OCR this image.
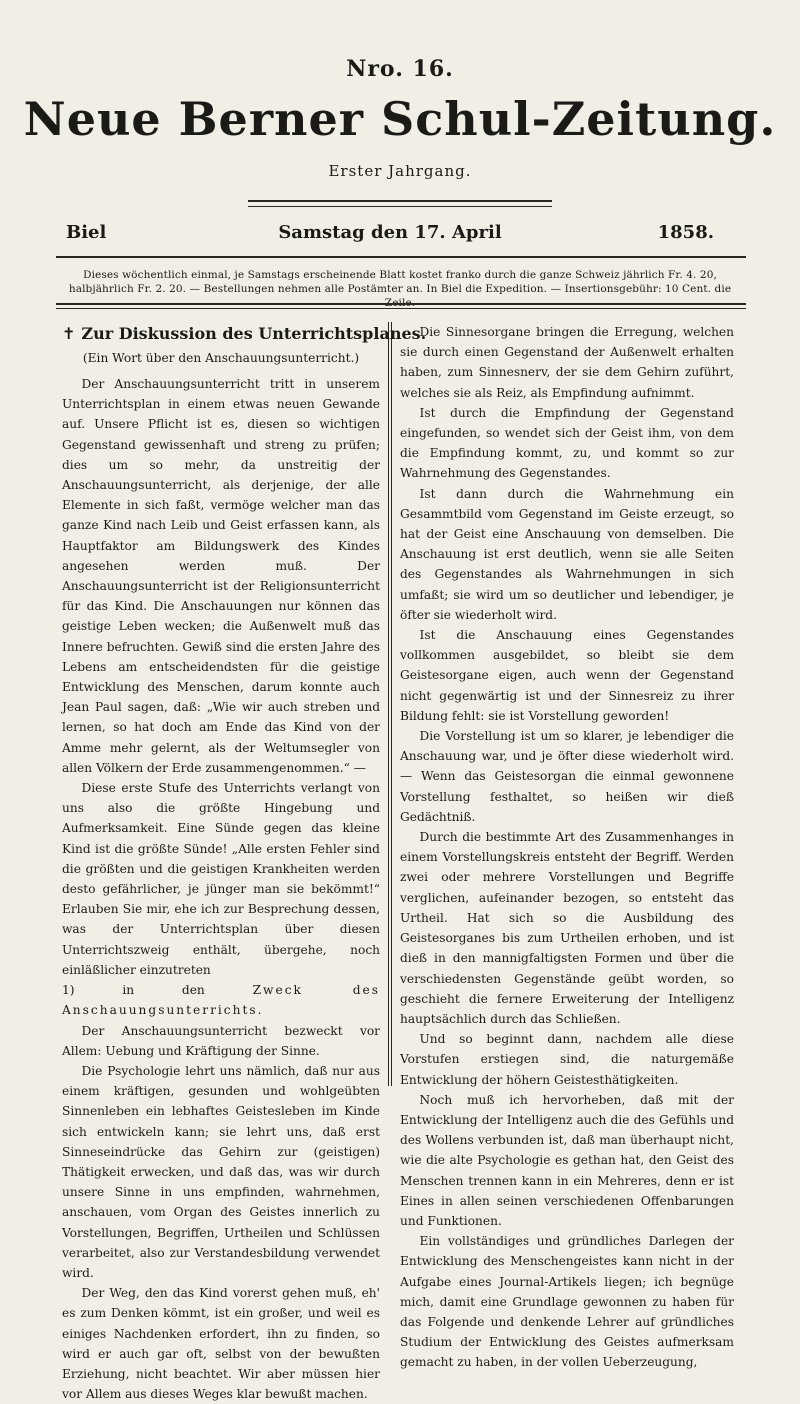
Nro. 16.
Neue Berner Schul-Zeitung.
Erster Jahrgang.
Biel	Samstag den 17. April	1858.
Dieses wöchentlich einmal, je Samstags erscheinende Blatt kostet franko durch die ganze Schweiz jährlich Fr. 4. 20, halbjährlich Fr. 2. 20. — Bestellungen nehmen alle Postämter an. In Biel die Expedition. — Insertionsgebühr: 10 Cent. die
✝ Zur Diskussion des Unterrichtsplanes.
(Ein Wort über den Anschauungsunterricht.)

Der Anschauungsunterricht tritt in unserem Unterrichtsplan in einem etwas neuen Gewande auf. Unsere Pflicht ist es, diesen so wichtigen Gegenstand gewissenhaft und streng zu prüfen; dies um so mehr, da unstreitig der Anschauungsunterricht, als derjenige, der alle Elemente in sich faßt, vermöge welcher man das ganze Kind nach Leib und Geist erfassen kann, als Hauptfaktor am Bildungswerk des Kindes angesehen werden muß. Der Anschauungsunterricht ist der Religionsunterricht für das Kind. Die Anschauungen nur können das geistige Leben wecken; die Außenwelt muß das Innere befruchten. Gewiß sind die ersten Jahre des Lebens am entscheidendsten für die geistige Entwicklung des Menschen, darum konnte auch Jean Paul sagen, daß: „Wie wir auch streben und lernen, so hat doch am Ende das Kind von der Amme mehr gelernt, als der Weltumsegler von allen Völkern der Erde zusammengenommen.“ —

Diese erste Stufe des Unterrichts verlangt von uns also die größte Hingebung und Aufmerksamkeit. Eine Sünde gegen das kleine Kind ist die größte Sünde! „Alle ersten Fehler sind die größten und die geistigen Krankheiten werden desto gefährlicher, je jünger man sie bekömmt!“ Erlauben Sie mir, ehe ich zur Besprechung dessen, was der Unterrichtsplan über diesen Unterrichtszweig enthält, übergehe, noch einläßlicher einzutreten

1) in den	Zweck des Anschauungsunterrichts.

Der Anschauungsunterricht bezweckt vor Allem: Uebung und Kräftigung der Sinne.

Die Psychologie lehrt uns nämlich, daß nur aus einem kräftigen, gesunden und wohlgeübten Sinnenleben ein lebhaftes Geistesleben im Kinde sich entwickeln kann; sie lehrt uns, daß erst Sinneseindrücke das Gehirn zur (geistigen) Thätigkeit erwecken, und daß das, was wir durch unsere Sinne in uns empfinden, wahrnehmen, anschauen, vom Organ des Geistes innerlich zu Vorstellungen, Begriffen, Urtheilen und Schlüssen verarbeitet, also zur Verstandesbildung verwendet wird.

Der Weg, den das Kind vorerst gehen muß, eh' es zum Denken kömmt, ist ein großer, und weil es einiges Nachdenken erfordert, ihn zu finden, so wird er auch gar oft, selbst von der bewußten Erziehung, nicht beachtet. Wir aber müssen hier vor Allem aus dieses Weges klar bewußt machen.

Die Sinnesorgane bringen die Erregung, welchen sie durch einen Gegenstand der Außenwelt erhalten haben, zum Sinnesnerv, der sie dem Gehirn zuführt, welches sie als Reiz, als Empfindung aufnimmt.

Ist durch die Empfindung der Gegenstand eingefunden, so wendet sich der Geist ihm, von dem die Empfindung kommt, zu, und kommt so zur Wahrnehmung des Gegenstandes.

Ist dann durch die Wahrnehmung ein Gesammtbild vom Gegenstand im Geiste erzeugt, so hat der Geist eine Anschauung von demselben. Die Anschauung ist erst deutlich, wenn sie alle Seiten des Gegenstandes als Wahrnehmungen in sich umfaßt; sie wird um so deutlicher und lebendiger, je öfter sie wiederholt wird.

Ist die Anschauung eines Gegenstandes vollkommen ausgebildet, so bleibt sie dem Geistesorgane eigen, auch wenn der Gegenstand nicht gegenwärtig ist und der Sinnesreiz zu ihrer Bildung fehlt: sie ist Vorstellung geworden!

Die Vorstellung ist um so klarer, je lebendiger die Anschauung war, und je öfter diese wiederholt wird. — Wenn das Geistesorgan die einmal gewonnene Vorstellung festhaltet, so heißen wir dieß Gedächtniß.

Durch die bestimmte Art des Zusammenhanges in einem Vorstellungskreis entsteht der Begriff. Werden zwei oder mehrere Vorstellungen und Begriffe verglichen, aufeinander bezogen, so entsteht das Urtheil. Hat sich so die Ausbildung des Geistesorganes bis zum Urtheilen erhoben, und ist dieß in den mannigfaltigsten Formen und über die verschiedensten Gegenstände geübt worden, so geschieht die fernere Erweiterung der Intelligenz hauptsächlich durch das Schließen.

Und so beginnt dann, nachdem alle diese Vorstufen erstiegen sind, die naturgemäße Entwicklung der höhern Geistesthätigkeiten.

Noch muß ich hervorheben, daß mit der Entwicklung der Intelligenz auch die des Gefühls und des Wollens verbunden ist, daß man überhaupt nicht, wie die alte Psychologie es gethan hat, den Geist des Menschen trennen kann in ein Mehreres, denn er ist Eines in allen seinen verschiedenen Offenbarungen und Funktionen.

Ein vollständiges und gründliches Darlegen der Entwicklung des Menschengeistes kann nicht in der Aufgabe eines Journal-Artikels liegen; ich begnüge mich, damit eine Grundlage gewonnen zu haben für das Folgende und denkende Lehrer auf gründliches Studium der Entwicklung des Geistes aufmerksam gemacht zu haben, in der vollen Ueberzeugung,
